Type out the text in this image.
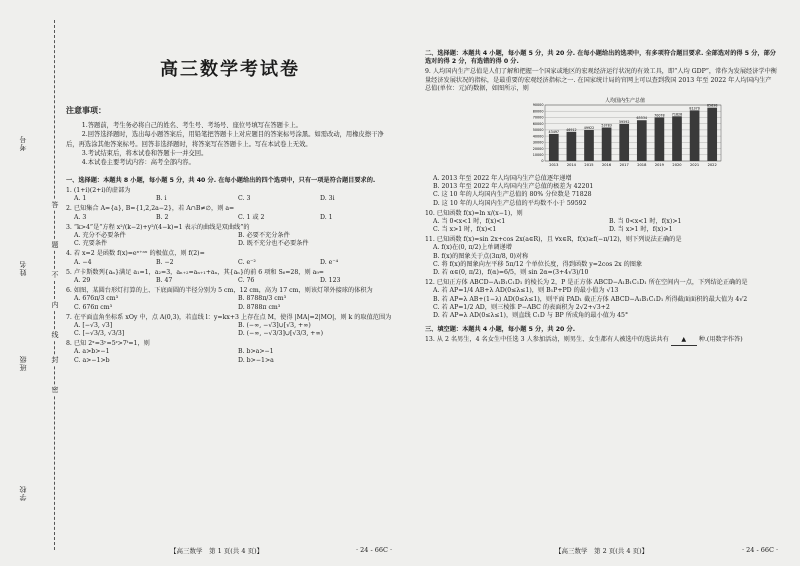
考号
姓名
班级
学校
答
题
不
内
线
封
密
高三数学考试卷
注意事项：
1.答题前，考生务必将自己的姓名、考生号、考场号、座位号填写在答题卡上。
2.回答选择题时，选出每小题答案后，用铅笔把答题卡上对应题目的答案标号涂黑。如需改动，用橡皮擦干净后，再选涂其他答案标号。回答非选择题时，将答案写在答题卡上。写在本试卷上无效。
3.考试结束后，将本试卷和答题卡一并交回。
4.本试卷主要考试内容：高考全部内容。
一、选择题：本题共 8 小题，每小题 5 分，共 40 分. 在每小题给出的四个选项中，只有一项是符合题目要求的.
1. (1+i)(2+i)的虚部为
A. 1	B. i	C. 3	D. 3i
2. 已知集合 A={a}, B={1,2,2a−2}，若 A∩B≠∅，则 a=
A. 3	B. 2	C. 1 或 2	D. 1
3. “k>4”是“方程 x²/(k−2)+y²/(4−k)=1 表示的曲线是双曲线”的
A. 充分不必要条件	B. 必要不充分条件
C. 充要条件	D. 既不充分也不必要条件
4. 若 x=2 是函数 f(x)=eˣ⁺ᵃˣ 的极值点，则 f(2)=
A. −4	B. −2	C. e⁻²	D. e⁻⁴
5. 卢卡斯数列{aₙ}满足 a₁=1，a₂=3，aₙ₊₂=aₙ₊₁+aₙ，其{aₙ}的前 6 项和 S₆=28，则 a₉=
A. 29	B. 47	C. 76	D. 123
6. 如图，某圆台形灯打算的上、下底面圆的半径分别为 5 cm，12 cm，高为 17 cm，则该灯罩外接球的体积为
A. 676π/3 cm³	B. 8788π/3 cm³
C. 676π cm³	D. 8788π cm³
7. 在平面直角坐标系 xOy 中，点 A(0,3)，若直线 l：y=kx+3 上存在点 M，使得 |MA|=2|MO|，则 k 的取值范围为
A. [−√3, √3]	B. (−∞, −√3]∪[√3, +∞)
C. [−√3/3, √3/3]	D. (−∞, −√3/3]∪[√3/3, +∞)
8. 已知 2ˣ=3ʸ=5ᶻ>7ᵗ=1，则
A. a>b>−1	B. b>a>−1
C. a>−1>b	D. b>−1>a
【高三数学　第 1 页(共 4 页)】	· 24 - 66C ·
二、选择题：本题共 4 小题，每小题 5 分，共 20 分. 在每小题给出的选项中，有多项符合题目要求. 全部选对的得 5 分，部分选对的得 2 分，有选错的得 0 分.
9. 人均国内生产总值是人们了解和把握一个国家或地区的宏观经济运行状况的有效工具，即“人均 GDP”，常作为发展经济学中衡量经济发展状况的指标，是最重要的宏观经济指标之一. 在国家统计局的官网上可以查到我国 2013 年至 2022 年人均国内生产总值(单位：元)的数据，如图所示，则
人均国内生产总值
0
10000
20000
30000
40000
50000
60000
70000
80000
90000
43497
2013
46912
2014
49922
2015
53783
2016
59592
2017
65534
2018
70078
2019
71828
2020
81370
2021
85698
2022
A. 2013 年至 2022 年人均国内生产总值逐年递增
B. 2013 年至 2022 年人均国内生产总值的极差为 42201
C. 这 10 年的人均国内生产总值的 80% 分位数是 71828
D. 这 10 年的人均国内生产总值的平均数不小于 59592
10. 已知函数 f(x)=ln x/(x−1)，则
A. 当 0<x<1 时，f(x)<1	B. 当 0<x<1 时，f(x)>1
C. 当 x>1 时，f(x)<1	D. 当 x>1 时，f(x)>1
11. 已知函数 f(x)=sin 2x+cos 2x(a∈R)，且 ∀x∈R，f(x)≥f(−π/12)，则下列说法正确的是
A. f(x)在(0, π/2)上单调递增
B. f(x)的图象关于点(3π/8, 0)对称
C. 将 f(x)的图象向左平移 5π/12 个单位长度，得到函数 y=2cos 2x 的图象
D. 若 α∈(0, π/2)，f(α)=6/5，则 sin 2α=(3+4√3)/10
12. 已知正方体 ABCD−A₁B₁C₁D₁ 的棱长为 2，P 是正方体 ABCD−A₁B₁C₁D₁ 所在空间内一点，下列结论正确的是
A. 若 AP=1/4 AB+λ AD(0≤λ≤1)，则 B₁P+PD 的最小值为 √13
B. 若 AP=λ AB+(1−λ) AD(0≤λ≤1)，则平面 PAD₁ 截正方体 ABCD−A₁B₁C₁D₁ 所得截面面积的最大值为 4√2
C. 若 AP=1/2 AD，则三棱锥 P−ABC 的表面积为 2√2+√3+2
D. 若 AP=λ AD(0≤λ≤1)，则直线 C₁D 与 BP 所成角的最小值为 45°
三、填空题：本题共 4 小题，每小题 5 分，共 20 分.
13. 从 2 名男生，4 名女生中任选 3 人参加活动，则男生、女生都有人被选中的选法共有 ▲ 种.(用数字作答)
【高三数学　第 2 页(共 4 页)】	· 24 - 66C ·
